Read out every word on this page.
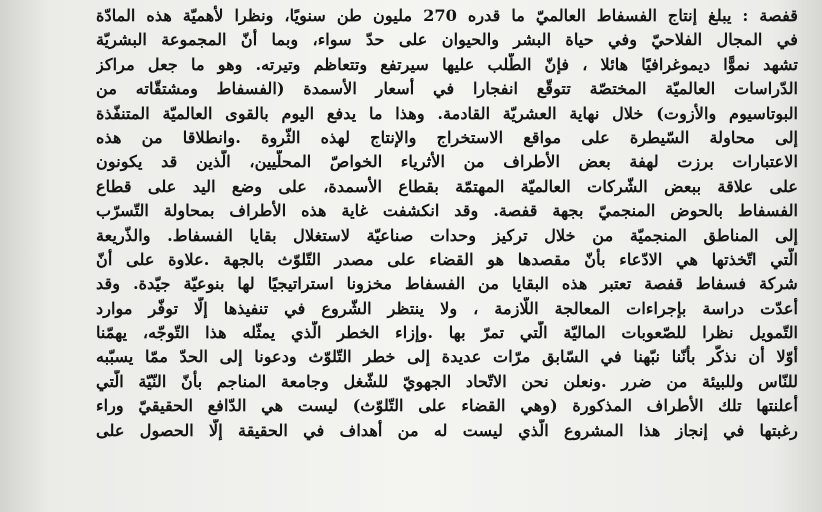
قفصة : يبلغ إنتاج الفسفاط العالميّ ما قدره 270 مليون طن سنويًا، ونظرا لأهميّة هذه المادّة
في المجال الفلاحيّ وفي حياة البشر والحيوان على حدّ سواء، وبما أنّ المجموعة البشريّة
تشهد نموًّا ديموغرافيًا هائلا ، فإنّ الطّلب عليها سيرتفع وتتعاظم وتيرته. وهو ما جعل مراكز
الدّراسات العالميّة المختصّة تتوقّع انفجارا في أسعار الأسمدة (الفسفاط ومشتقّاته من
البوتاسيوم والأزوت) خلال نهاية العشريّة القادمة. وهذا ما يدفع اليوم بالقوى العالميّة المتنفّذة
إلى محاولة السّيطرة على مواقع الاستخراج والإنتاج لهذه الثّروة .وانطلاقا من هذه
الاعتبارات برزت لهفة بعض الأطراف من الأثرياء الخواصّ المحلّيين، الّذين قد يكونون
على علاقة ببعض الشّركات العالميّة المهتمّة بقطاع الأسمدة، على وضع اليد على قطاع
الفسفاط بالحوض المنجميّ بجهة قفصة. وقد انكشفت غاية هذه الأطراف بمحاولة التّسرّب
إلى المناطق المنجميّة من خلال تركيز وحدات صناعيّة لاستغلال بقايا الفسفاط. والذّريعة
الّتي اتّخذتها هي الادّعاء بأنّ مقصدها هو القضاء على مصدر التّلوّث بالجهة .علاوة على أنّ
شركة فسفاط قفصة تعتبر هذه البقايا من الفسفاط مخزونا استراتيجيًا لها بنوعيّة جيّدة. وقد
أعدّت دراسة بإجراءات المعالجة اللّازمة ، ولا ينتظر الشّروع في تنفيذها إلّا توفّر موارد
التّمويل نظرا للصّعوبات الماليّة الّتي تمرّ بها .وإزاء الخطر الّذي يمثّله هذا التّوجّه، يهمّنا
أوّلا أن نذكّر بأنّنا نبّهنا في السّابق مرّات عديدة إلى خطر التّلوّث ودعونا إلى الحدّ ممّا يسبّبه
للنّاس وللبيئة من ضرر .ونعلن نحن الاتّحاد الجهويّ للشّغل وجامعة المناجم بأنّ النّيّة الّتي
أعلنتها تلك الأطراف المذكورة (وهي القضاء على التّلوّث) ليست هي الدّافع الحقيقيّ وراء
رغبتها في إنجاز هذا المشروع الّذي ليست له من أهداف في الحقيقة إلّا الحصول على
